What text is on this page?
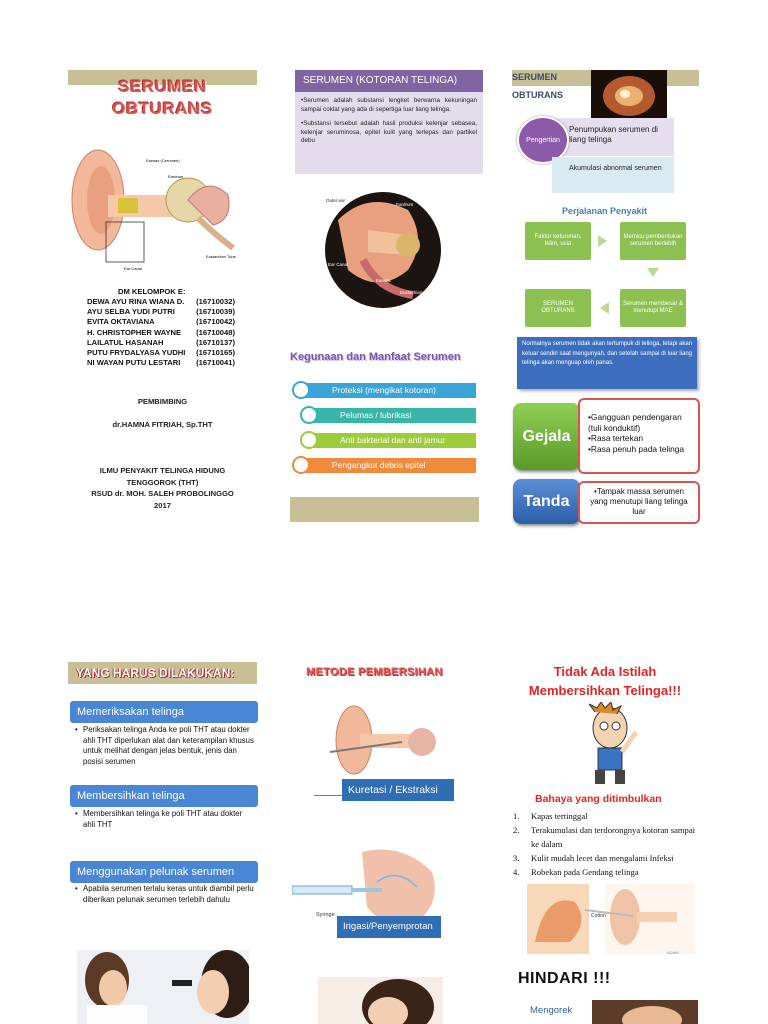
SERUMEN
OBTURANS
Earwax (Cerumen)
Eardrum
Eustachian Tube
Ear Canal
DM KELOMPOK E:
DEWA AYU RINA WIANA D. (16710032)
AYU SELBA YUDI PUTRI	(16710039)
EVITA OKTAVIANA	(16710042)
H. CHRISTOPHER WAYNE (16710048)
LAILATUL HASANAH	(16710137)
PUTU FRYDALYASA YUDHI (16710165)
NI WAYAN PUTU LESTARI (16710041)
PEMBIMBING
dr.HAMNA FITRIAH, Sp.THT
ILMU PENYAKIT TELINGA HIDUNG
TENGGOROK (THT)
RSUD dr. MOH. SALEH PROBOLINGGO
2017
SERUMEN (KOTORAN TELINGA)

•Serumen adalah substansi lengket berwarna kekuningan sampai coklat yang ada di sepertiga luar liang telinga.

•Substansi tersebut adalah hasil produksi kelenjar sebasea, kelenjar seruminosa, epitel kulit yang terlepas dan partikel debu

Outer ear
Eardrum
Ear Canal
Earwax
Eustachian Tube
Kegunaan dan Manfaat Serumen
Proteksi (mengikat kotoran)
Pelumas / lubrikasi
Anti bakterial dan anti jamur
Pengangkut debris epitel
SERUMEN
OBTURANS
Pengertian
Penumpukan serumen di liang telinga
Akumulasi abnormal serumen
Perjalanan Penyakit
Faktor keturunan, Iklim, usia
Memicu pembentukan serumen berlebih
Serumen membesar & menutupi MAE
SERUMEN OBTURANS
Normalnya serumen tidak akan tertumpuk di telinga, tetapi akan keluar sendiri saat mengunyah, dan setelah sampai di luar liang telinga akan menguap oleh panas.
Gejala
•Gangguan pendengaran (tuli konduktif)
•Rasa tertekan
•Rasa penuh pada telinga
Tanda
•Tampak massa serumen yang menutupi liang telinga luar
YANG HARUS DILAKUKAN:
Memeriksakan telinga
• Periksakan telinga Anda ke poli THT atau dokter ahli THT diperlukan alat dan keterampilan khusus untuk melihat dengan jelas bentuk, jenis dan posisi serumen
Membersihkan telinga
• Membersihkan telinga ke poli THT atau dokter ahli THT
Menggunakan pelunak serumen
• Apabila serumen terlalu keras untuk diambil perlu diberikan pelunak serumen terlebih dahulu
METODE PEMBERSIHAN
Kuretasi / Ekstraksi
Syringe
Irigasi/Penyemprotan
Tidak Ada Istilah
Membersihkan Telinga!!!
Bahaya yang ditimbulkan
1.	Kapas tertinggal
2.	Terakumulasi dan terdorongnya kotoran sampai ke dalam
3.	Kulit mudah lecet dan mengalami Infeksi
4.	Robekan pada Gendang telinga
Cotton
ADAM
HINDARI !!!
Mengorek
